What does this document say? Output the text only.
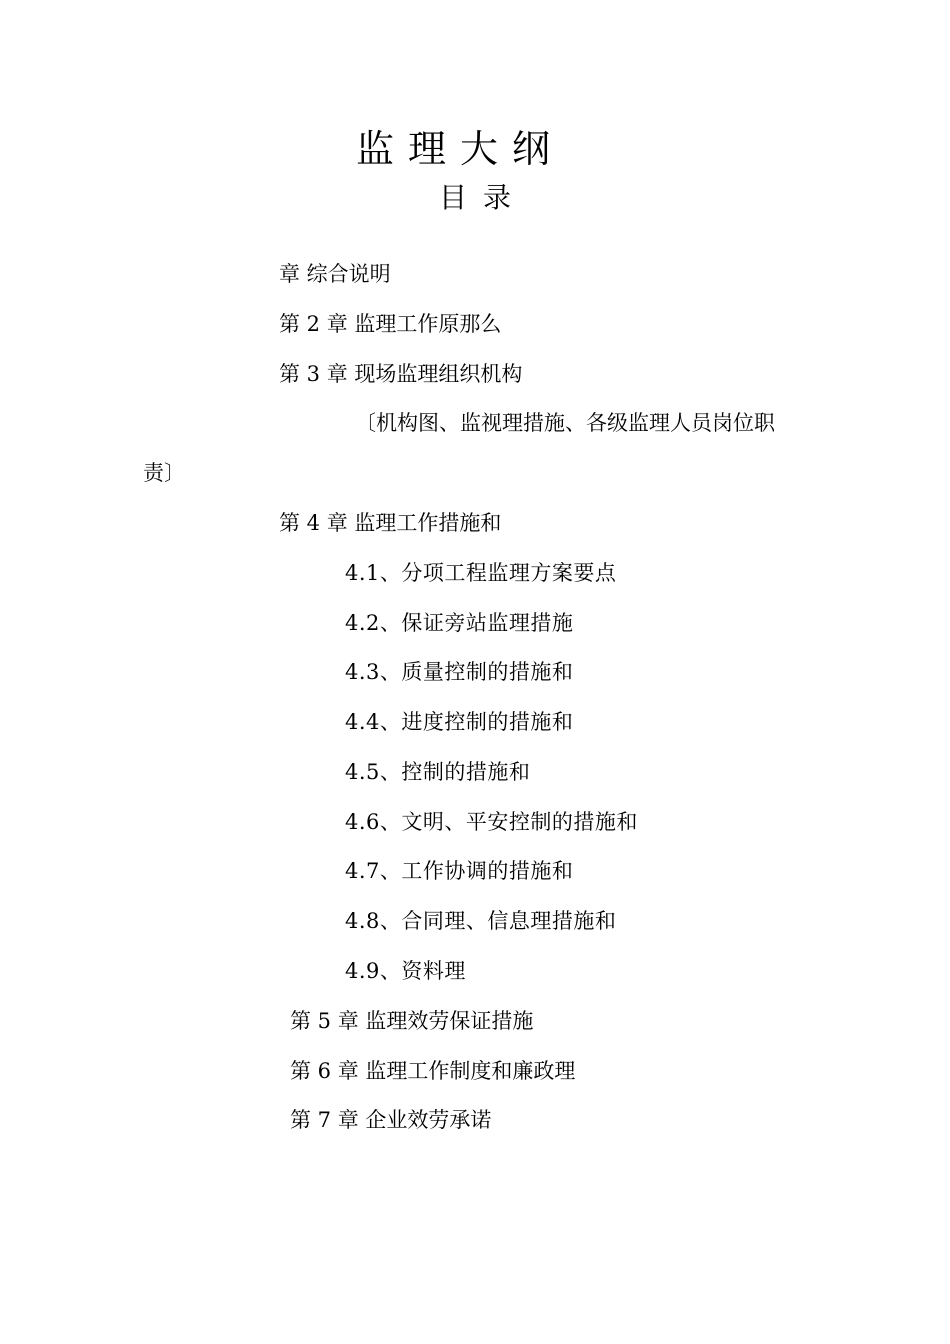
监理大纲
目录
章 综合说明
第 2 章 监理工作原那么
第 3 章 现场监理组织机构
〔机构图、监视理措施、各级监理人员岗位职
责〕
第 4 章 监理工作措施和
4.1、分项工程监理方案要点
4.2、保证旁站监理措施
4.3、质量控制的措施和
4.4、进度控制的措施和
4.5、控制的措施和
4.6、文明、平安控制的措施和
4.7、工作协调的措施和
4.8、合同理、信息理措施和
4.9、资料理
第 5 章 监理效劳保证措施
第 6 章 监理工作制度和廉政理
第 7 章 企业效劳承诺
